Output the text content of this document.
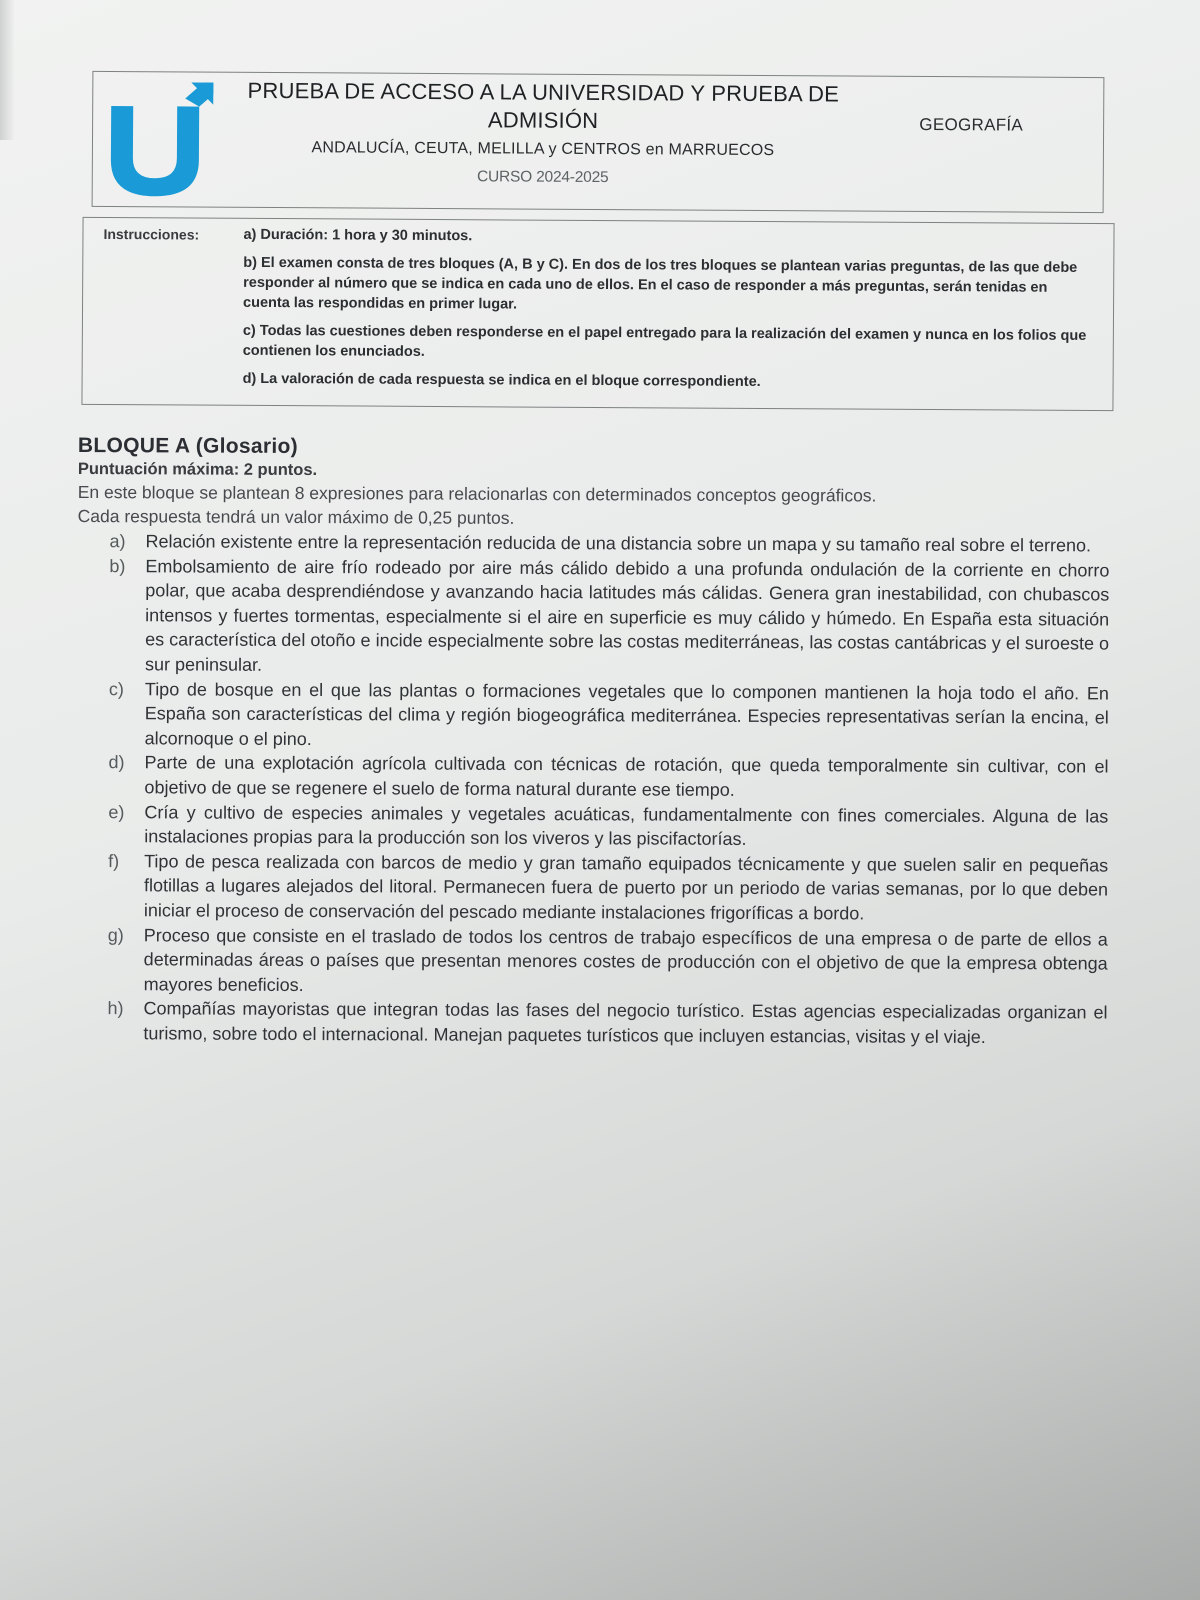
PRUEBA DE ACCESO A LA UNIVERSIDAD Y PRUEBA DE
ADMISIÓN
ANDALUCÍA, CEUTA, MELILLA y CENTROS en MARRUECOS
CURSO 2024-2025
GEOGRAFÍA
Instrucciones:	a) Duración: 1 hora y 30 minutos.
b) El examen consta de tres bloques (A, B y C). En dos de los tres bloques se plantean varias preguntas, de las que debe responder al número que se indica en cada uno de ellos. En el caso de responder a más preguntas, serán tenidas en cuenta las respondidas en primer lugar.
c) Todas las cuestiones deben responderse en el papel entregado para la realización del examen y nunca en los folios que contienen los enunciados.
d) La valoración de cada respuesta se indica en el bloque correspondiente.
BLOQUE A (Glosario)
Puntuación máxima: 2 puntos.
En este bloque se plantean 8 expresiones para relacionarlas con determinados conceptos geográficos.
Cada respuesta tendrá un valor máximo de 0,25 puntos.
a)	Relación existente entre la representación reducida de una distancia sobre un mapa y su tamaño real sobre el terreno.
b)	Embolsamiento de aire frío rodeado por aire más cálido debido a una profunda ondulación de la corriente en chorro polar, que acaba desprendiéndose y avanzando hacia latitudes más cálidas. Genera gran inestabilidad, con chubascos intensos y fuertes tormentas, especialmente si el aire en superficie es muy cálido y húmedo. En España esta situación es característica del otoño e incide especialmente sobre las costas mediterráneas, las costas cantábricas y el suroeste o sur peninsular.
c)	Tipo de bosque en el que las plantas o formaciones vegetales que lo componen mantienen la hoja todo el año. En España son características del clima y región biogeográfica mediterránea. Especies representativas serían la encina, el alcornoque o el pino.
d)	Parte de una explotación agrícola cultivada con técnicas de rotación, que queda temporalmente sin cultivar, con el objetivo de que se regenere el suelo de forma natural durante ese tiempo.
e)	Cría y cultivo de especies animales y vegetales acuáticas, fundamentalmente con fines comerciales. Alguna de las instalaciones propias para la producción son los viveros y las piscifactorías.
f)	Tipo de pesca realizada con barcos de medio y gran tamaño equipados técnicamente y que suelen salir en pequeñas flotillas a lugares alejados del litoral. Permanecen fuera de puerto por un periodo de varias semanas, por lo que deben iniciar el proceso de conservación del pescado mediante instalaciones frigoríficas a bordo.
g)	Proceso que consiste en el traslado de todos los centros de trabajo específicos de una empresa o de parte de ellos a determinadas áreas o países que presentan menores costes de producción con el objetivo de que la empresa obtenga mayores beneficios.
h)	Compañías mayoristas que integran todas las fases del negocio turístico. Estas agencias especializadas organizan el turismo, sobre todo el internacional. Manejan paquetes turísticos que incluyen estancias, visitas y el viaje.
